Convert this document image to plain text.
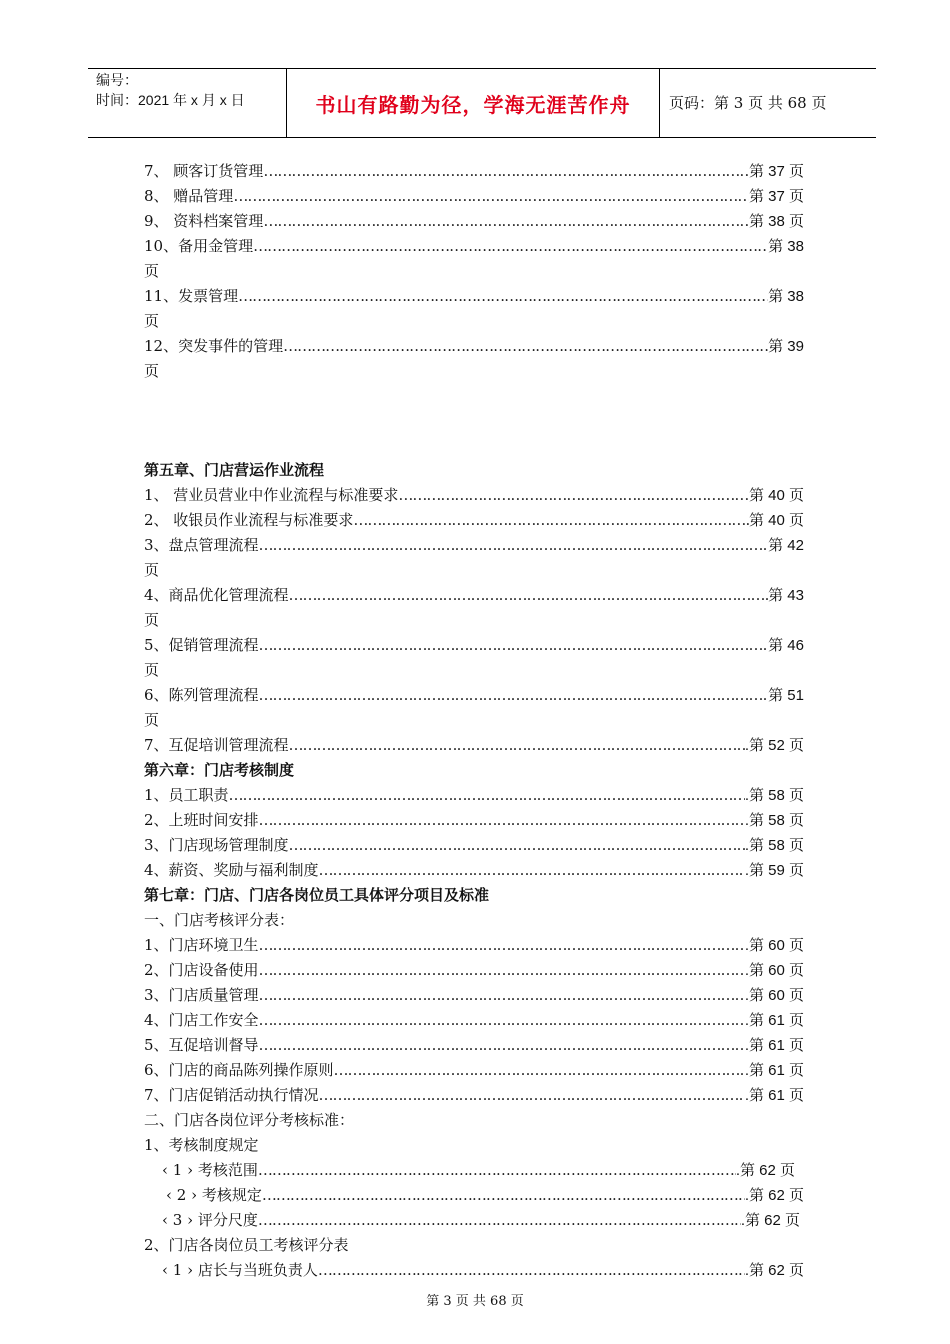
编号：
时间：2021 年 x 月 x 日	书山有路勤为径，学海无涯苦作舟	页码：第 3 页 共 68 页
7、 顾客订货管理 ……………………………………………………………………………………………………………………………………………………………………………………………………	第 37 页
8、 赠品管理 ……………………………………………………………………………………………………………………………………………………………………………………………………	第 37 页
9、 资料档案管理 ……………………………………………………………………………………………………………………………………………………………………………………………………	第 38 页
10、备用金管理 ……………………………………………………………………………………………………………………………………………………………………………………………………	第 38
页
11、发票管理 ……………………………………………………………………………………………………………………………………………………………………………………………………	第 38
页
12、突发事件的管理 ……………………………………………………………………………………………………………………………………………………………………………………………………	第 39
页
第五章、门店营运作业流程
1、 营业员营业中作业流程与标准要求 ……………………………………………………………………………………………………………………………………………………………………………………………………	第 40 页
2、 收银员作业流程与标准要求 ……………………………………………………………………………………………………………………………………………………………………………………………………	第 40 页
3、盘点管理流程 ……………………………………………………………………………………………………………………………………………………………………………………………………	第 42
页
4、商品优化管理流程 ……………………………………………………………………………………………………………………………………………………………………………………………………	第 43
页
5、促销管理流程 ……………………………………………………………………………………………………………………………………………………………………………………………………	第 46
页
6、陈列管理流程 ……………………………………………………………………………………………………………………………………………………………………………………………………	第 51
页
7、互促培训管理流程 ……………………………………………………………………………………………………………………………………………………………………………………………………	.第 52 页
第六章：门店考核制度
1、员工职责 ……………………………………………………………………………………………………………………………………………………………………………………………………	.第 58 页
2、上班时间安排 ……………………………………………………………………………………………………………………………………………………………………………………………………	.第 58 页
3、门店现场管理制度 ……………………………………………………………………………………………………………………………………………………………………………………………………	.第 58 页
4、薪资、奖励与福利制度 ……………………………………………………………………………………………………………………………………………………………………………………………………	.第 59 页
第七章：门店、门店各岗位员工具体评分项目及标准
一、门店考核评分表：
1、门店环境卫生 ……………………………………………………………………………………………………………………………………………………………………………………………………	.第 60 页
2、门店设备使用 ……………………………………………………………………………………………………………………………………………………………………………………………………	.第 60 页
3、门店质量管理 ……………………………………………………………………………………………………………………………………………………………………………………………………	.第 60 页
4、门店工作安全 ……………………………………………………………………………………………………………………………………………………………………………………………………	.第 61 页
5、互促培训督导 ……………………………………………………………………………………………………………………………………………………………………………………………………	.第 61 页
6、门店的商品陈列操作原则 ……………………………………………………………………………………………………………………………………………………………………………………………………	.第 61 页
7、门店促销活动执行情况 ……………………………………………………………………………………………………………………………………………………………………………………………………	.第 61 页
二、门店各岗位评分考核标准：
1、考核制度规定
‹ 1 › 考核范围 ……………………………………………………………………………………………………………………………………………………………………………………………………	.第 62 页
‹ 2 › 考核规定 ……………………………………………………………………………………………………………………………………………………………………………………………………	.第 62 页
‹ 3 › 评分尺度 ……………………………………………………………………………………………………………………………………………………………………………………………………	.第 62 页
2、门店各岗位员工考核评分表
‹ 1 › 店长与当班负责人 ……………………………………………………………………………………………………………………………………………………………………………………………………	.第 62 页
第 3 页 共 68 页
